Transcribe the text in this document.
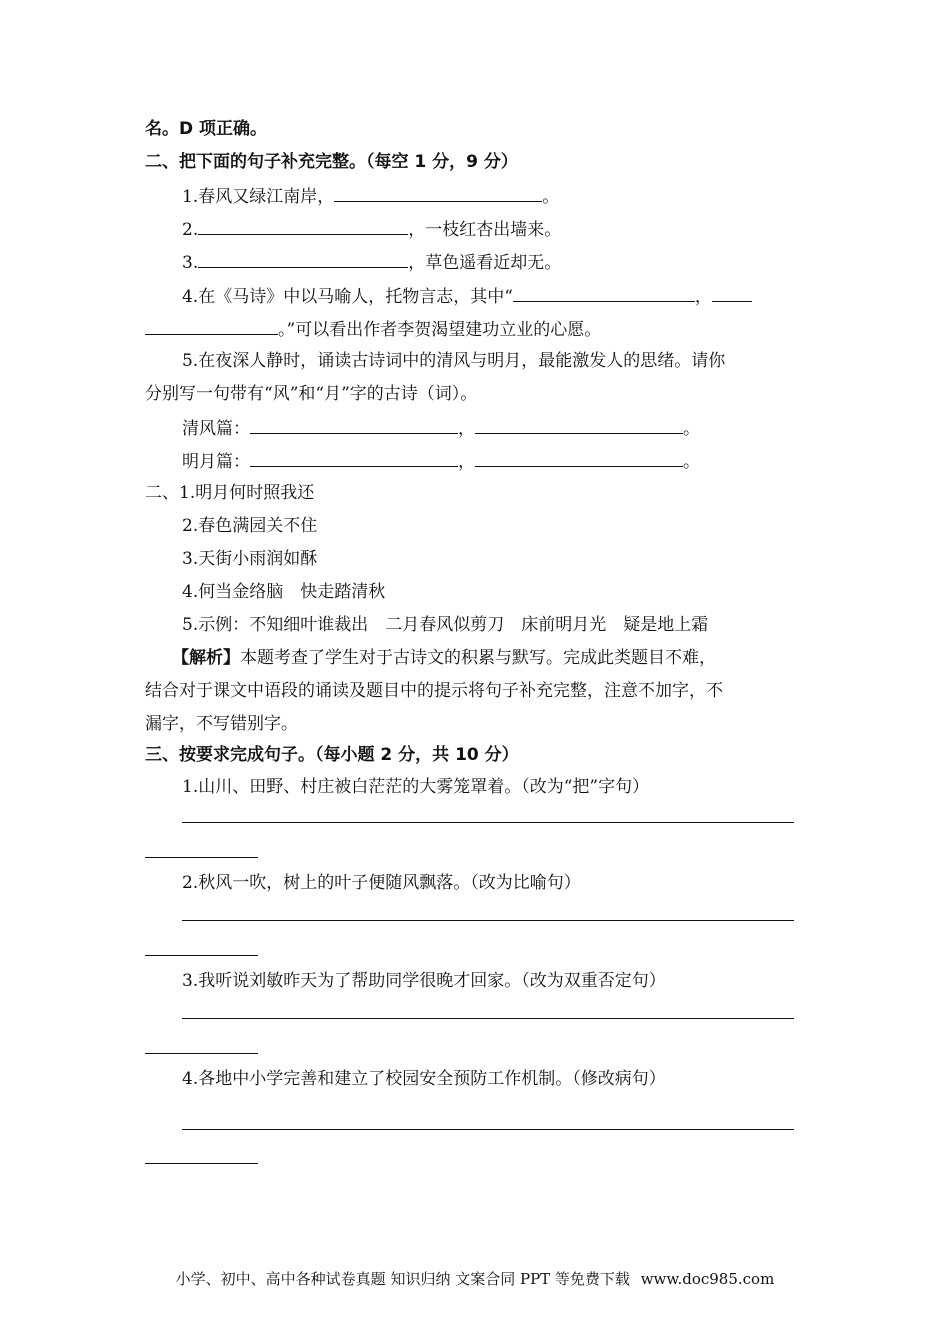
名。D 项正确。
二、把下面的句子补充完整。（每空 1 分，9 分）
1.春风又绿江南岸，	。
2.	，一枝红杏出墙来。
3.	，草色遥看近却无。
4.在《马诗》中以马喻人，托物言志，其中“	，
。”可以看出作者李贺渴望建功立业的心愿。
5.在夜深人静时，诵读古诗词中的清风与明月，最能激发人的思绪。请你
分别写一句带有“风”和“月”字的古诗（词）。
清风篇：	，	。
明月篇：	，	。
二、1.明月何时照我还
2.春色满园关不住
3.天街小雨润如酥
4.何当金络脑　快走踏清秋
5.示例：不知细叶谁裁出　二月春风似剪刀　床前明月光　疑是地上霜
【解析】本题考查了学生对于古诗文的积累与默写。完成此类题目不难，
结合对于课文中语段的诵读及题目中的提示将句子补充完整，注意不加字，不
漏字，不写错别字。
三、按要求完成句子。（每小题 2 分，共 10 分）
1.山川、田野、村庄被白茫茫的大雾笼罩着。（改为“把”字句）
2.秋风一吹，树上的叶子便随风飘落。（改为比喻句）
3.我听说刘敏昨天为了帮助同学很晚才回家。（改为双重否定句）
4.各地中小学完善和建立了校园安全预防工作机制。（修改病句）
小学、初中、高中各种试卷真题 知识归纳 文案合同 PPT 等免费下载 www.doc985.com
